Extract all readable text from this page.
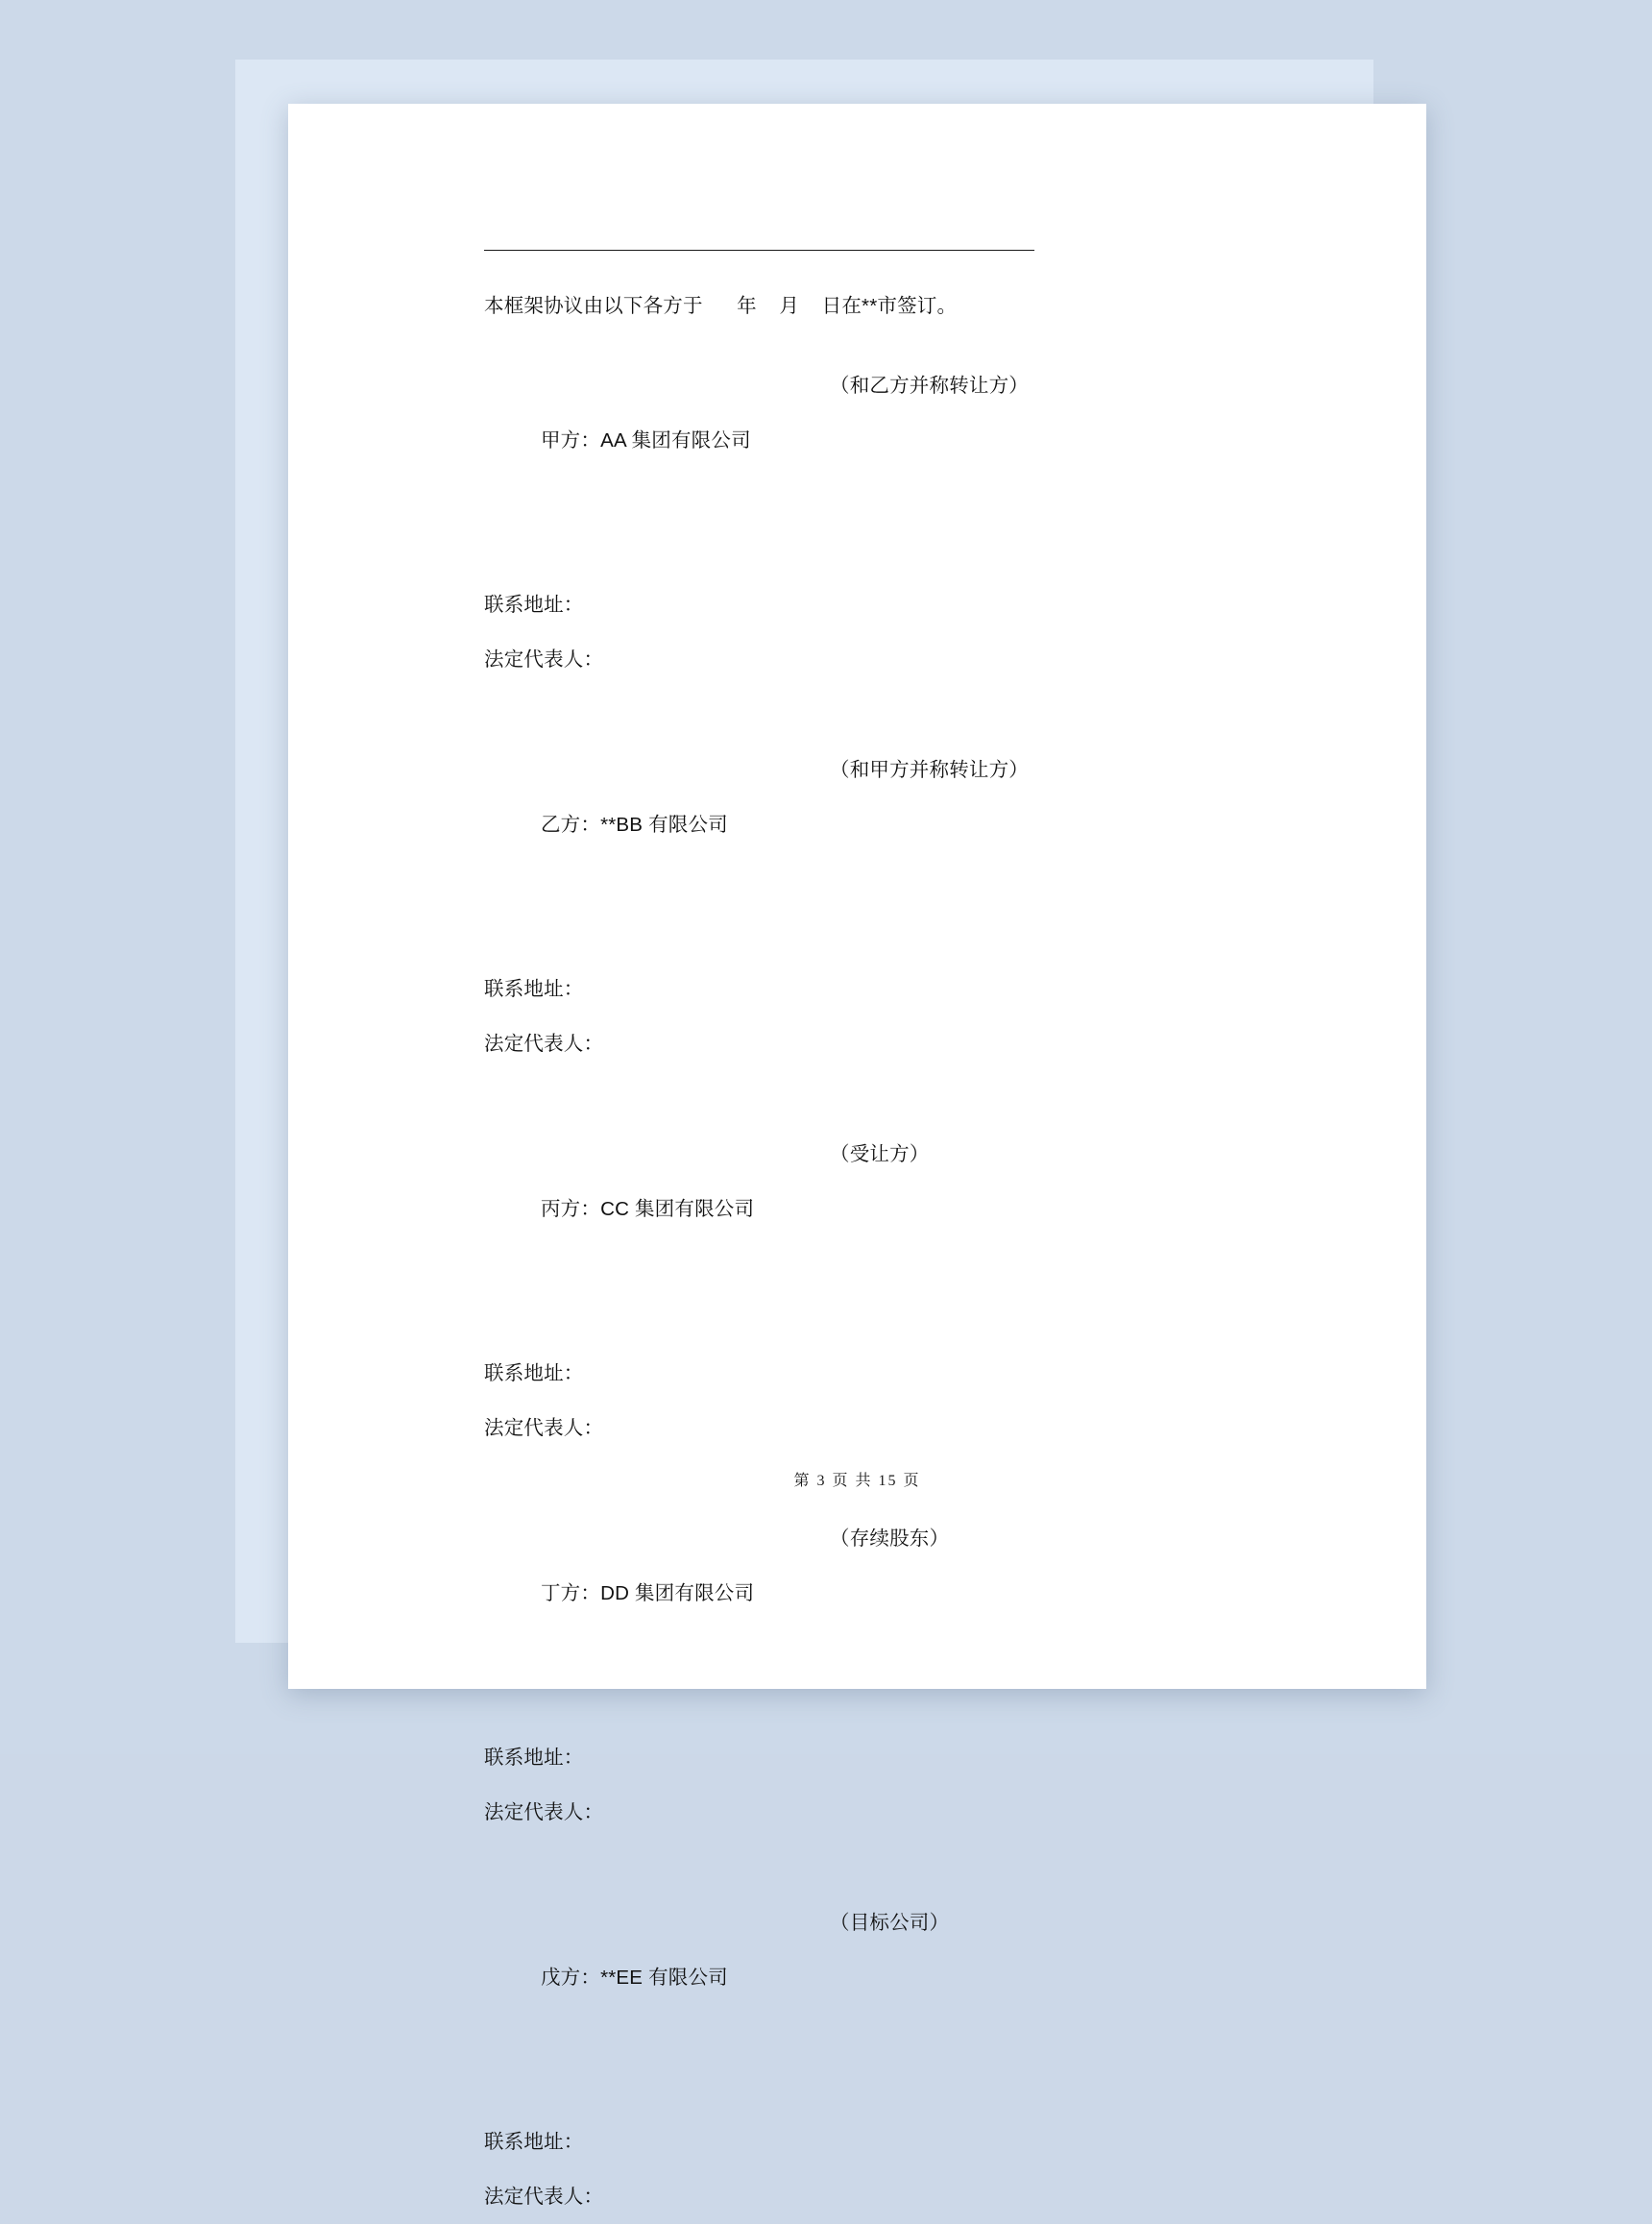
本框架协议由以下各方于      年    月    日在**市签订。

甲方：AA 集团有限公司

（和乙方并称转让方）

联系地址：
法定代表人：

乙方：**BB 有限公司

（和甲方并称转让方）

联系地址：
法定代表人：

丙方：CC 集团有限公司

（受让方）

联系地址：
法定代表人：

丁方：DD 集团有限公司

（存续股东）

联系地址：
法定代表人：

戊方：**EE 有限公司

（目标公司）

联系地址：
法定代表人：
第 3 页 共 15 页
